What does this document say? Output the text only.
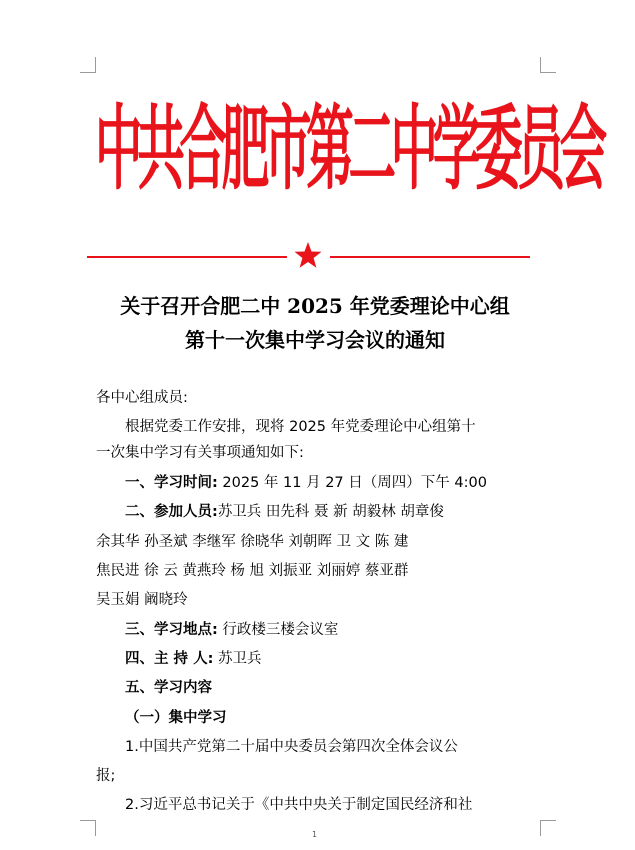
中共合肥市第二中学委员会
关于召开合肥二中 2025 年党委理论中心组
第十一次集中学习会议的通知
各中心组成员:
根据党委工作安排，现将 2025 年党委理论中心组第十
一次集中学习有关事项通知如下:
一、学习时间: 2025 年 11 月 27 日（周四）下午 4:00
二、参加人员:苏卫兵 田先科 聂 新 胡毅林 胡章俊
余其华 孙圣斌 李继军 徐晓华 刘朝晖 卫 文 陈 建
焦民进 徐 云 黄燕玲 杨 旭 刘振亚 刘丽婷 蔡亚群
吴玉娟 阚晓玲
三、学习地点: 行政楼三楼会议室
四、主 持 人: 苏卫兵
五、学习内容
（一）集中学习
1.中国共产党第二十届中央委员会第四次全体会议公
报;
2.习近平总书记关于《中共中央关于制定国民经济和社
1
